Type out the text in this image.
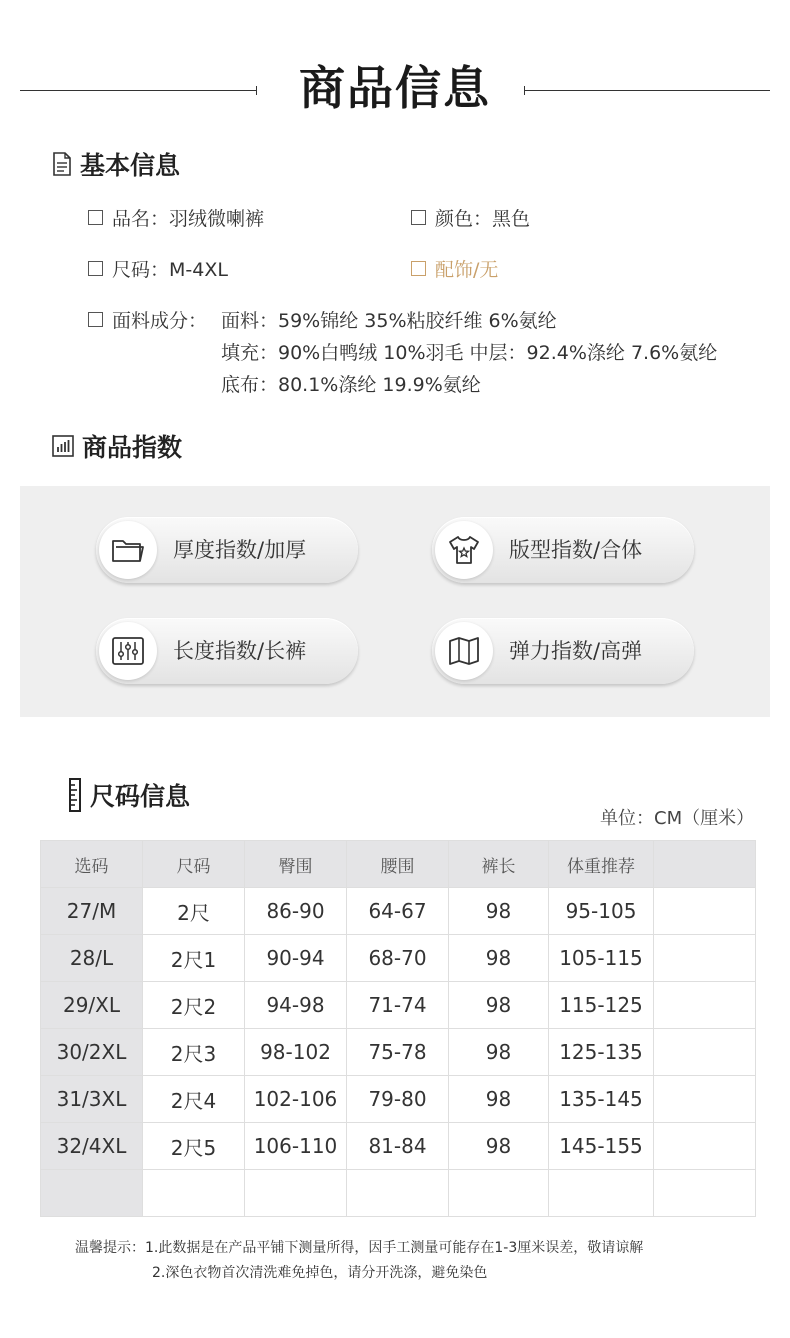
商品信息
基本信息
品名：羽绒微喇裤	颜色：黑色
尺码：M-4XL	配饰/无
面料成分： 面料：59%锦纶 35%粘胶纤维 6%氨纶
填充：90%白鸭绒 10%羽毛 中层：92.4%涤纶 7.6%氨纶
底布：80.1%涤纶 19.9%氨纶
商品指数
厚度指数/加厚	版型指数/合体
长度指数/长裤	弹力指数/高弹
尺码信息
单位：CM（厘米）
选码	尺码	臀围	腰围	裤长	体重推荐	
27/M	2尺	86-90	64-67	98	95-105	
28/L	2尺1	90-94	68-70	98	105-115	
29/XL	2尺2	94-98	71-74	98	115-125	
30/2XL	2尺3	98-102	75-78	98	125-135	
31/3XL	2尺4	102-106	79-80	98	135-145	
32/4XL	2尺5	106-110	81-84	98	145-155	

温馨提示：1.此数据是在产品平铺下测量所得，因手工测量可能存在1-3厘米误差，敬请谅解
2.深色衣物首次清洗难免掉色，请分开洗涤，避免染色
